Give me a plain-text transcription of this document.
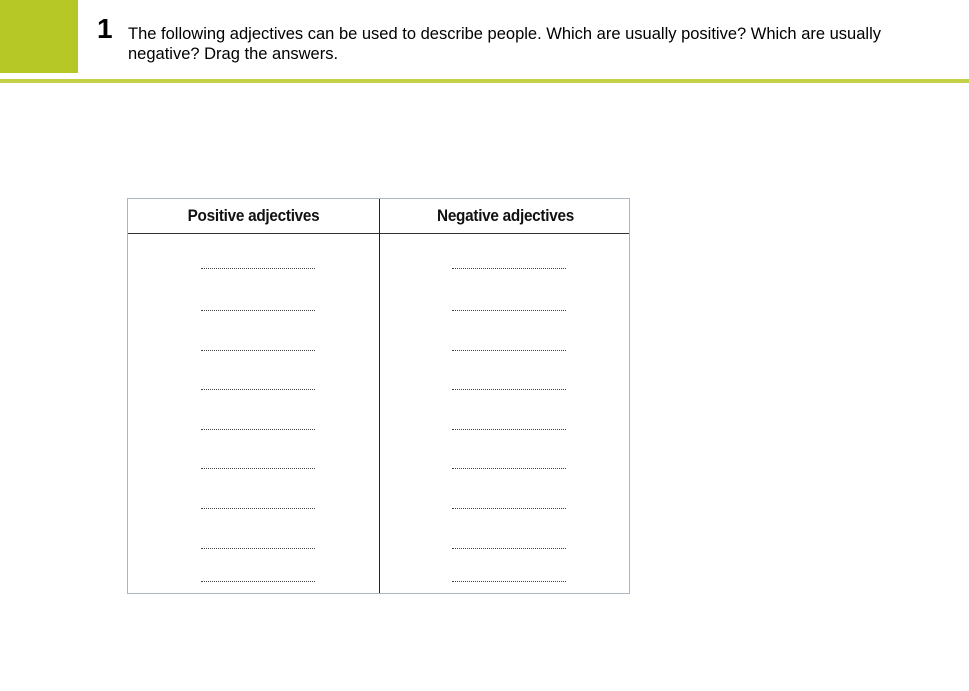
1 The following adjectives can be used to describe people. Which are usually positive? Which are usually negative? Drag the answers.
Positive adjectives	Negative adjectives
